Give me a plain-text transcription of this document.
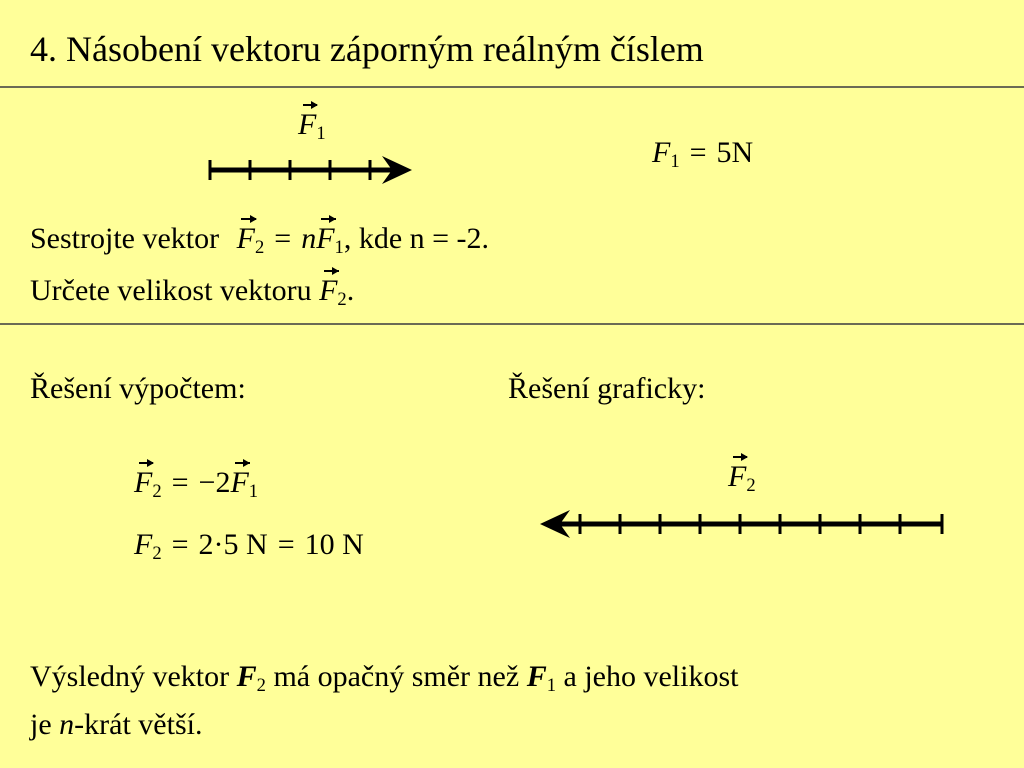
4. Násobení vektoru záporným reálným číslem
$F_1$
$F_1 = 5N$
Sestrojte vektor $F_2 = nF_1$, kde n = -2.
Určete velikost vektoru $F_2$.
Řešení výpočtem:	Řešení graficky:
$F_2 = -2F_1$
$F_2 = 2\cdot 5$ N = 10 N
$F_2$
Výsledný vektor $F_2$ má opačný směr než $F_1$ a jeho velikost
je n-krát větší.
